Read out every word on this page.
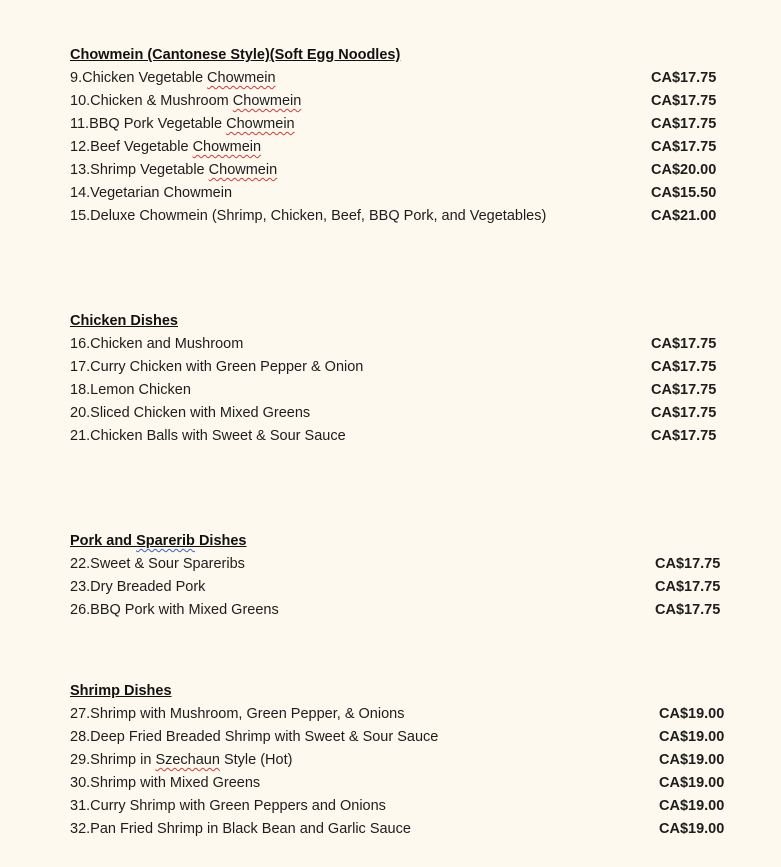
Chowmein (Cantonese Style)(Soft Egg Noodles)
9.Chicken Vegetable Chowmein	CA$17.75
10.Chicken & Mushroom Chowmein	CA$17.75
11.BBQ Pork Vegetable Chowmein	CA$17.75
12.Beef Vegetable Chowmein	CA$17.75
13.Shrimp Vegetable Chowmein	CA$20.00
14.Vegetarian Chowmein	CA$15.50
15.Deluxe Chowmein (Shrimp, Chicken, Beef, BBQ Pork, and Vegetables)	CA$21.00
Chicken Dishes
16.Chicken and Mushroom	CA$17.75
17.Curry Chicken with Green Pepper & Onion	CA$17.75
18.Lemon Chicken	CA$17.75
20.Sliced Chicken with Mixed Greens	CA$17.75
21.Chicken Balls with Sweet & Sour Sauce	CA$17.75
Pork and Sparerib Dishes
22.Sweet & Sour Spareribs	CA$17.75
23.Dry Breaded Pork	CA$17.75
26.BBQ Pork with Mixed Greens	CA$17.75
Shrimp Dishes
27.Shrimp with Mushroom, Green Pepper, & Onions	CA$19.00
28.Deep Fried Breaded Shrimp with Sweet & Sour Sauce	CA$19.00
29.Shrimp in Szechaun Style (Hot)	CA$19.00
30.Shrimp with Mixed Greens	CA$19.00
31.Curry Shrimp with Green Peppers and Onions	CA$19.00
32.Pan Fried Shrimp in Black Bean and Garlic Sauce	CA$19.00
